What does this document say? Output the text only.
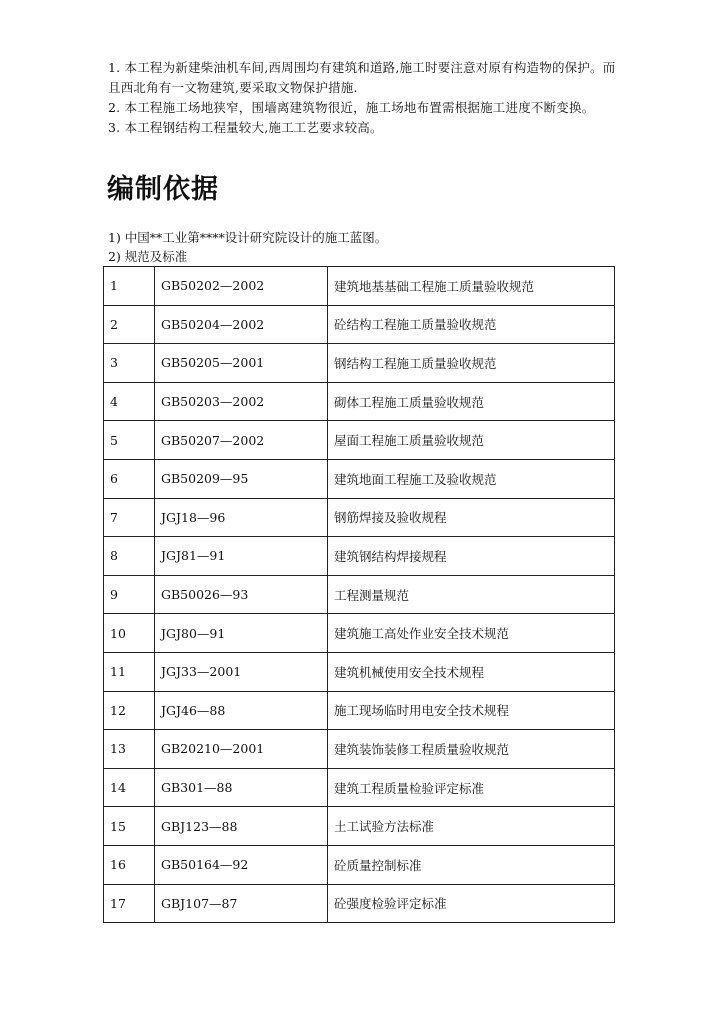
1. 本工程为新建柴油机车间,西周围均有建筑和道路,施工时要注意对原有构造物的保护。而

且西北角有一文物建筑,要采取文物保护措施.

2. 本工程施工场地狭窄，围墙离建筑物很近，施工场地布置需根据施工进度不断变换。

3. 本工程钢结构工程量较大,施工工艺要求较高。

编制依据

1) 中国**工业第****设计研究院设计的施工蓝图。

2) 规范及标准

1	GB50202—2002	建筑地基基础工程施工质量验收规范
2	GB50204—2002	砼结构工程施工质量验收规范
3	GB50205—2001	钢结构工程施工质量验收规范
4	GB50203—2002	砌体工程施工质量验收规范
5	GB50207—2002	屋面工程施工质量验收规范
6	GB50209—95	建筑地面工程施工及验收规范
7	JGJ18—96	钢筋焊接及验收规程
8	JGJ81—91	建筑钢结构焊接规程
9	GB50026—93	工程测量规范
10	JGJ80—91	建筑施工高处作业安全技术规范
11	JGJ33—2001	建筑机械使用安全技术规程
12	JGJ46—88	施工现场临时用电安全技术规程
13	GB20210—2001	建筑装饰装修工程质量验收规范
14	GB301—88	建筑工程质量检验评定标准
15	GBJ123—88	土工试验方法标准
16	GB50164—92	砼质量控制标准
17	GBJ107—87	砼强度检验评定标准
